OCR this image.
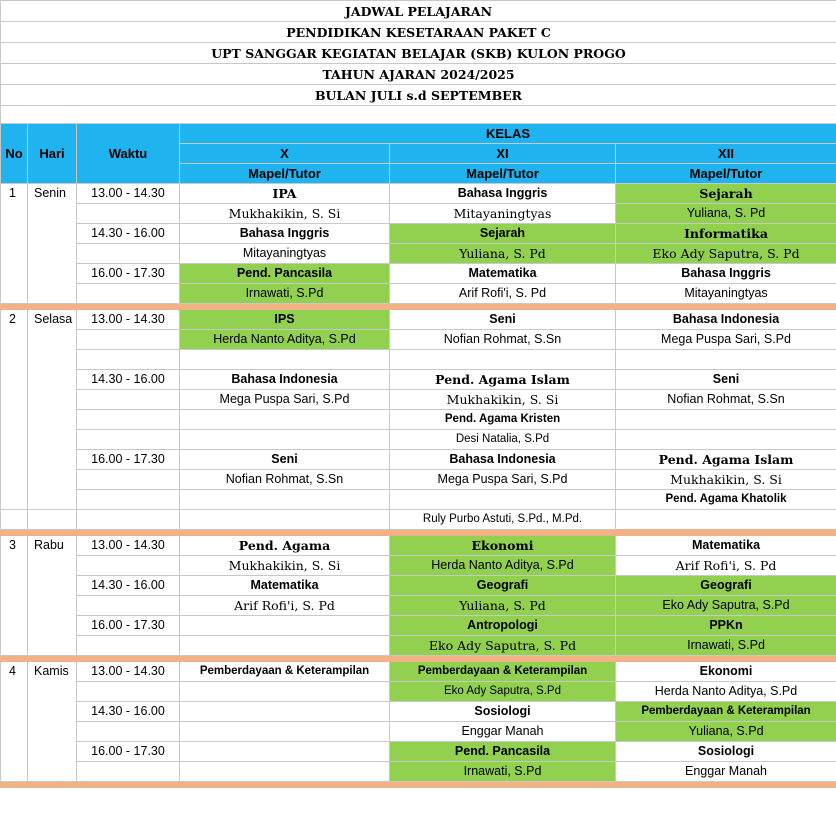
JADWAL PELAJARAN					
PENDIDIKAN KESETARAAN PAKET C					
UPT SANGGAR KEGIATAN BELAJAR (SKB) KULON PROGO					
TAHUN AJARAN 2024/2025					
BULAN JULI s.d SEPTEMBER					

No	Hari	Waktu	KELAS		
			X	XI	XII
			Mapel/Tutor	Mapel/Tutor	Mapel/Tutor
1	Senin	13.00 - 14.30	IPA	Bahasa Inggris	Sejarah
			Mukhakikin, S. Si	Mitayaningtyas	Yuliana, S. Pd
		14.30 - 16.00	Bahasa Inggris	Sejarah	Informatika
			Mitayaningtyas	Yuliana, S. Pd	Eko Ady Saputra, S. Pd
		16.00 - 17.30	Pend. Pancasila	Matematika	Bahasa Inggris
			Irnawati, S.Pd	Arif Rofi'i, S. Pd	Mitayaningtyas

2	Selasa	13.00 - 14.30	IPS	Seni	Bahasa Indonesia
			Herda Nanto Aditya, S.Pd	Nofian Rohmat, S.Sn	Mega Puspa Sari, S.Pd

		14.30 - 16.00	Bahasa Indonesia	Pend. Agama Islam	Seni
			Mega Puspa Sari, S.Pd	Mukhakikin, S. Si	Nofian Rohmat, S.Sn
				Pend. Agama Kristen	
				Desi Natalia, S.Pd	
		16.00 - 17.30	Seni	Bahasa Indonesia	Pend. Agama Islam
			Nofian Rohmat, S.Sn	Mega Puspa Sari, S.Pd	Mukhakikin, S. Si
					Pend. Agama Khatolik
				Ruly Purbo Astuti, S.Pd., M.Pd.	

3	Rabu	13.00 - 14.30	Pend. Agama	Ekonomi	Matematika
			Mukhakikin, S. Si	Herda Nanto Aditya, S.Pd	Arif Rofi'i, S. Pd
		14.30 - 16.00	Matematika	Geografi	Geografi
			Arif Rofi'i, S. Pd	Yuliana, S. Pd	Eko Ady Saputra, S.Pd
		16.00 - 17.30		Antropologi	PPKn
				Eko Ady Saputra, S. Pd	Irnawati, S.Pd

4	Kamis	13.00 - 14.30	Pemberdayaan & Keterampilan	Pemberdayaan & Keterampilan	Ekonomi
				Eko Ady Saputra, S.Pd	Herda Nanto Aditya, S.Pd
		14.30 - 16.00		Sosiologi	Pemberdayaan & Keterampilan
				Enggar Manah	Yuliana, S.Pd
		16.00 - 17.30		Pend. Pancasila	Sosiologi
				Irnawati, S.Pd	Enggar Manah
